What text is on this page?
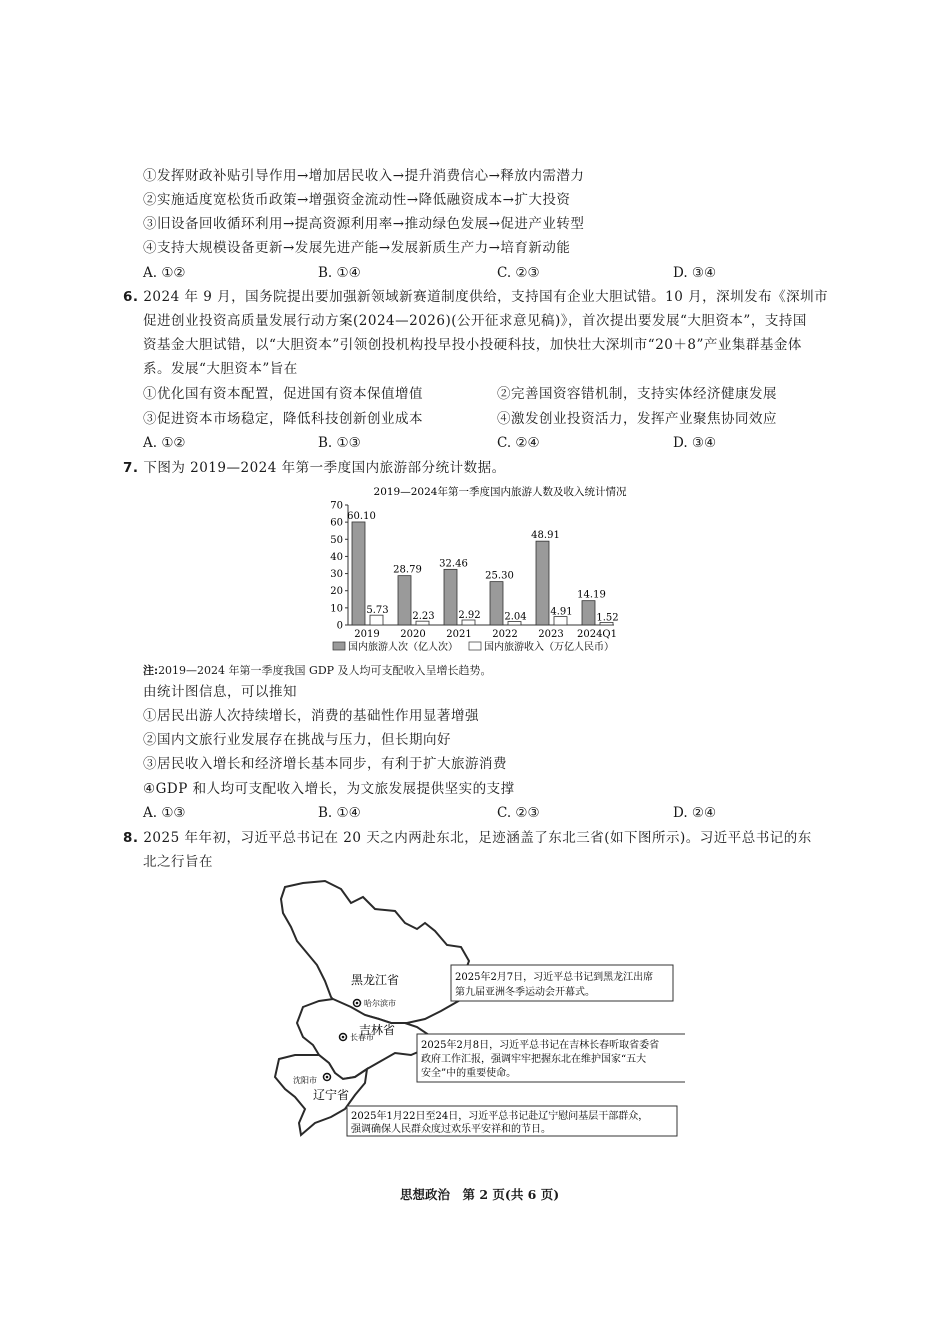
①发挥财政补贴引导作用→增加居民收入→提升消费信心→释放内需潜力
②实施适度宽松货币政策→增强资金流动性→降低融资成本→扩大投资
③旧设备回收循环利用→提高资源利用率→推动绿色发展→促进产业转型
④支持大规模设备更新→发展先进产能→发展新质生产力→培育新动能
A. ①②	B. ①④	C. ②③	D. ③④
6. 2024 年 9 月，国务院提出要加强新领域新赛道制度供给，支持国有企业大胆试错。10 月，深圳发布《深圳市
促进创业投资高质量发展行动方案(2024—2026)(公开征求意见稿)》，首次提出要发展“大胆资本”，支持国
资基金大胆试错，以“大胆资本”引领创投机构投早投小投硬科技，加快壮大深圳市“20＋8”产业集群基金体
系。发展“大胆资本”旨在
①优化国有资本配置，促进国有资本保值增值	②完善国资容错机制，支持实体经济健康发展
③促进资本市场稳定，降低科技创新创业成本	④激发创业投资活力，发挥产业聚焦协同效应
A. ①②	B. ①③	C. ②④	D. ③④
7. 下图为 2019—2024 年第一季度国内旅游部分统计数据。
2019—2024年第一季度国内旅游人数及收入统计情况
0
10
20
30
40
50
60
70
60.10
5.73
28.79
2.23
32.46
2.92
25.30
2.04
48.91
4.91
14.19
1.52
2019 2020 2021 2022 2023 2024Q1
国内旅游人次（亿人次）	国内旅游收入（万亿人民币）
注:2019—2024 年第一季度我国 GDP 及人均可支配收入呈增长趋势。
由统计图信息，可以推知
①居民出游人次持续增长，消费的基础性作用显著增强
②国内文旅行业发展存在挑战与压力，但长期向好
③居民收入增长和经济增长基本同步，有利于扩大旅游消费
④GDP 和人均可支配收入增长，为文旅发展提供坚实的支撑
A. ①③	B. ①④	C. ②③	D. ②④
8. 2025 年年初，习近平总书记在 20 天之内两赴东北，足迹涵盖了东北三省(如下图所示)。习近平总书记的东
北之行旨在
黑龙江省
吉林省
辽宁省
哈尔滨市
长春市
沈阳市
2025年2月7日，习近平总书记到黑龙江出席
第九届亚洲冬季运动会开幕式。
2025年2月8日，习近平总书记在吉林长春听取省委省
政府工作汇报，强调牢牢把握东北在维护国家“五大
安全”中的重要使命。
2025年1月22日至24日，习近平总书记赴辽宁慰问基层干部群众，
强调确保人民群众度过欢乐平安祥和的节日。
思想政治　第 2 页(共 6 页)
